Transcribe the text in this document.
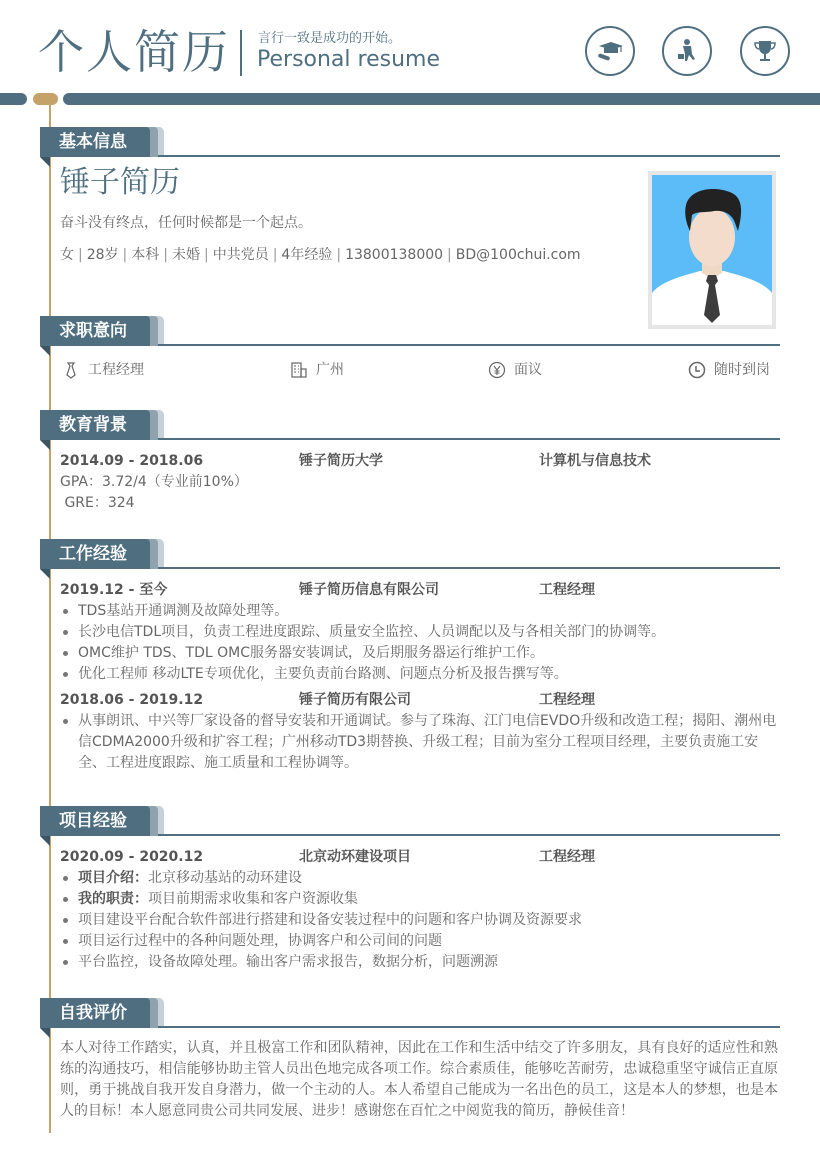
个人简历 言行一致是成功的开始。
Personal resume
基本信息
锤子简历
奋斗没有终点，任何时候都是一个起点。
女 | 28岁 | 本科 | 未婚 | 中共党员 | 4年经验 | 13800138000 | BD@100chui.com
求职意向
工程经理	广州	面议	随时到岗
教育背景
2014.09 - 2018.06	锤子简历大学	计算机与信息技术
GPA：3.72/4（专业前10%）
GRE：324
工作经验
2019.12 - 至今	锤子简历信息有限公司	工程经理
TDS基站开通调测及故障处理等。
长沙电信TDL项目，负责工程进度跟踪、质量安全监控、人员调配以及与各相关部门的协调等。
OMC维护 TDS、TDL OMC服务器安装调试，及后期服务器运行维护工作。
优化工程师 移动LTE专项优化，主要负责前台路测、问题点分析及报告撰写等。
2018.06 - 2019.12	锤子简历有限公司	工程经理
从事朗讯、中兴等厂家设备的督导安装和开通调试。参与了珠海、江门电信EVDO升级和改造工程；揭阳、潮州电信CDMA2000升级和扩容工程；广州移动TD3期替换、升级工程；目前为室分工程项目经理，主要负责施工安全、工程进度跟踪、施工质量和工程协调等。
项目经验
2020.09 - 2020.12	北京动环建设项目	工程经理
项目介绍：北京移动基站的动环建设
我的职责：项目前期需求收集和客户资源收集
项目建设平台配合软件部进行搭建和设备安装过程中的问题和客户协调及资源要求
项目运行过程中的各种问题处理，协调客户和公司间的问题
平台监控，设备故障处理。输出客户需求报告，数据分析，问题溯源
自我评价
本人对待工作踏实，认真，并且极富工作和团队精神，因此在工作和生活中结交了许多朋友，具有良好的适应性和熟练的沟通技巧，相信能够协助主管人员出色地完成各项工作。综合素质佳，能够吃苦耐劳，忠诚稳重坚守诚信正直原则，勇于挑战自我开发自身潜力，做一个主动的人。本人希望自己能成为一名出色的员工，这是本人的梦想，也是本人的目标！本人愿意同贵公司共同发展、进步！感谢您在百忙之中阅览我的简历，静候佳音！
